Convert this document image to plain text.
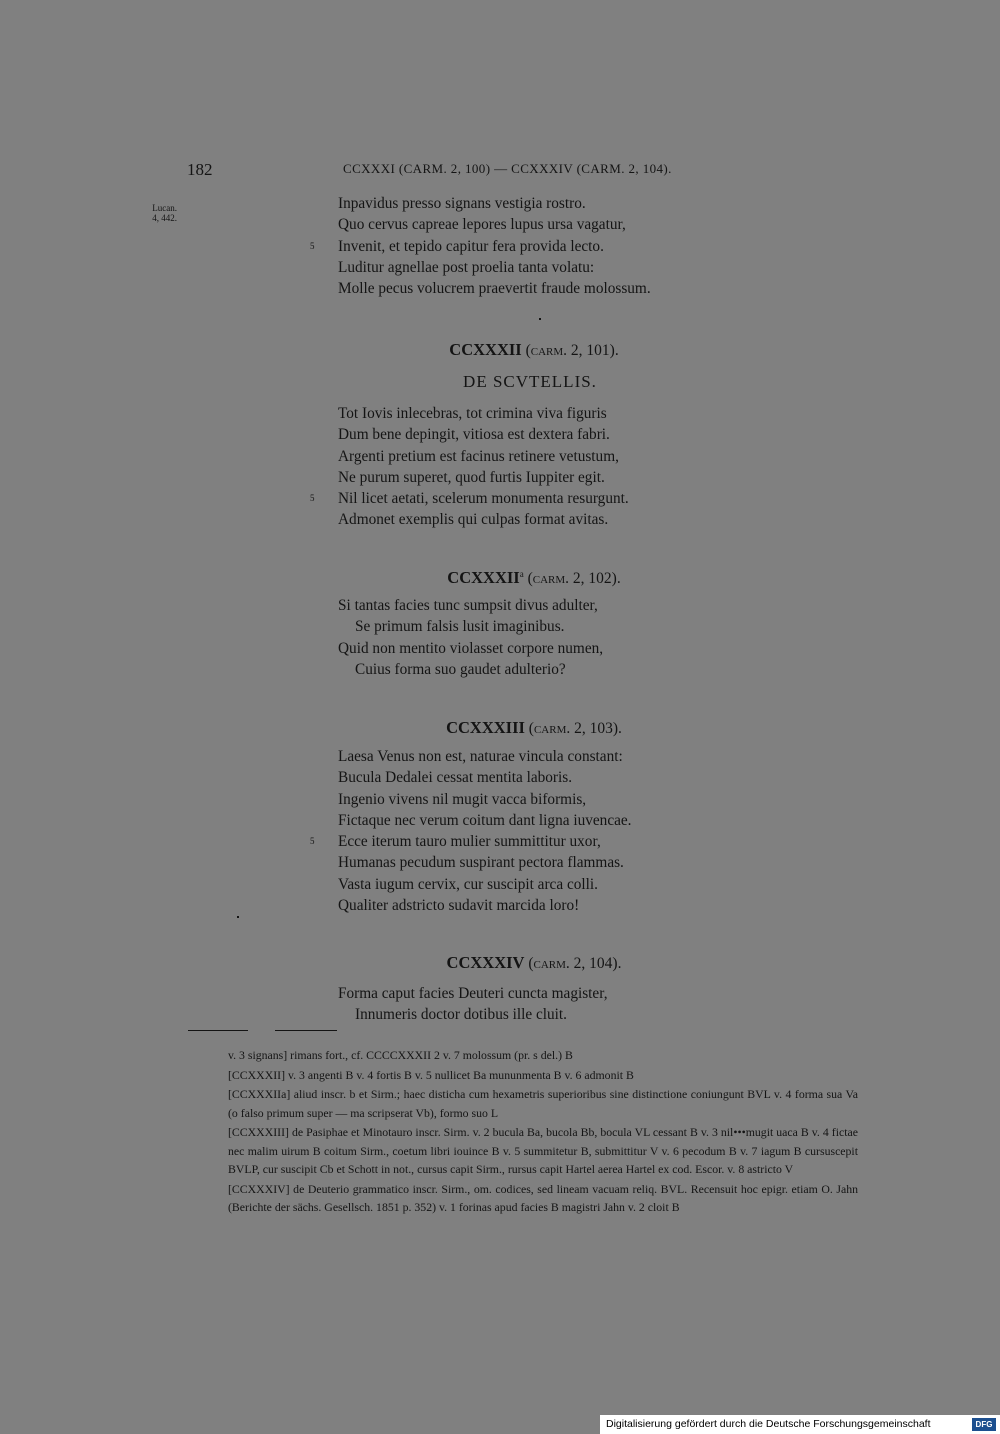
182	CCXXXI (CARM. 2, 100) — CCXXXIV (CARM. 2, 104).
Lucan.
4, 442.
Inpavidus presso signans vestigia rostro.
Quo cervus capreae lepores lupus ursa vagatur,
5 Invenit, et tepido capitur fera provida lecto.
Luditur agnellae post proelia tanta volatu:
Molle pecus volucrem praevertit fraude molossum.
CCXXXII (carm. 2, 101).
DE SCVTELLIS.
Tot Iovis inlecebras, tot crimina viva figuris
Dum bene depingit, vitiosa est dextera fabri.
Argenti pretium est facinus retinere vetustum,
Ne purum superet, quod furtis Iuppiter egit.
5 Nil licet aetati, scelerum monumenta resurgunt.
Admonet exemplis qui culpas format avitas.
CCXXXII$^a$ (carm. 2, 102).
Si tantas facies tunc sumpsit divus adulter,
Se primum falsis lusit imaginibus.
Quid non mentito violasset corpore numen,
Cuius forma suo gaudet adulterio?
CCXXXIII (carm. 2, 103).
Laesa Venus non est, naturae vincula constant:
Bucula Dedalei cessat mentita laboris.
Ingenio vivens nil mugit vacca biformis,
Fictaque nec verum coitum dant ligna iuvencae.
5 Ecce iterum tauro mulier summittitur uxor,
Humanas pecudum suspirant pectora flammas.
Vasta iugum cervix, cur suscipit arca colli.
Qualiter adstricto sudavit marcida loro!
CCXXXIV (carm. 2, 104).
Forma caput facies Deuteri cuncta magister,
Innumeris doctor dotibus ille cluit.

v. 3 signans] rimans fort., cf. CCCCXXXII 2 v. 7 molossum (pr. s del.) B

[CCXXXII] v. 3 angenti B v. 4 fortis B v. 5 nullicet Ba mununmenta B v. 6 admonit B

[CCXXXIIa] aliud inscr. b et Sirm.; haec disticha cum hexametris superioribus sine distinctione coniungunt BVL v. 4 forma sua Va (o falso primum super — ma scripserat Vb), formo suo L

[CCXXXIII] de Pasiphae et Minotauro inscr. Sirm. v. 2 bucula Ba, bucola Bb, bocula VL cessant B v. 3 nil•••mugit uaca B v. 4 fictae nec malim uirum B coitum Sirm., coetum libri iouince B v. 5 summitetur B, submittitur V v. 6 pecodum B v. 7 iagum B cursuscepit BVLP, cur suscipit Cb et Schott in not., cursus capit Sirm., rursus capit Hartel aerea Hartel ex cod. Escor. v. 8 astricto V

[CCXXXIV] de Deuterio grammatico inscr. Sirm., om. codices, sed lineam vacuam reliq. BVL. Recensuit hoc epigr. etiam O. Jahn (Berichte der sächs. Gesellsch. 1851 p. 352) v. 1 forinas apud facies B magistri Jahn v. 2 cloit B

Digitalisierung gefördert durch die Deutsche Forschungsgemeinschaft	DFG
